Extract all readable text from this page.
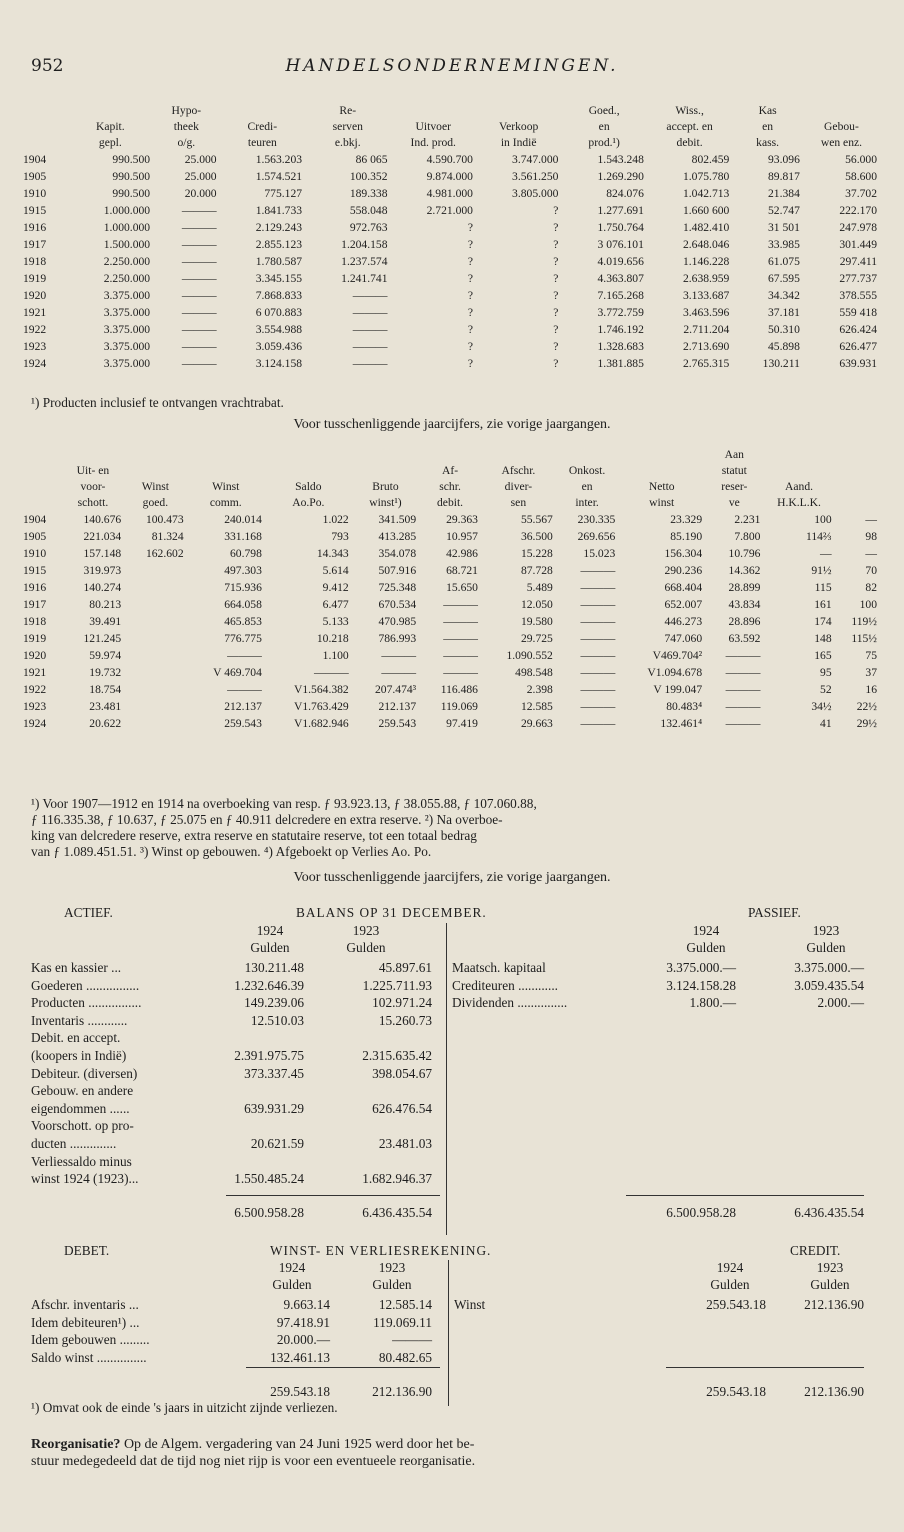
952	HANDELSONDERNEMINGEN.
		Hypo-		Re-			Goed.,	Wiss.,	Kas	
	Kapit.	theek	Credi-	serven	Uitvoer	Verkoop	en	accept. en	en	Gebou-
	gepl.	o/g.	teuren	e.bkj.	Ind. prod.	in Indië	prod.¹)	debit.	kass.	wen enz.
1904	990.500	25.000	1.563.203	86 065	4.590.700	3.747.000	1.543.248	802.459	93.096	56.000
1905	990.500	25.000	1.574.521	100.352	9.874.000	3.561.250	1.269.290	1.075.780	89.817	58.600
1910	990.500	20.000	775.127	189.338	4.981.000	3.805.000	824.076	1.042.713	21.384	37.702
1915	1.000.000	———	1.841.733	558.048	2.721.000	?	1.277.691	1.660 600	52.747	222.170
1916	1.000.000	———	2.129.243	972.763	?	?	1.750.764	1.482.410	31 501	247.978
1917	1.500.000	———	2.855.123	1.204.158	?	?	3 076.101	2.648.046	33.985	301.449
1918	2.250.000	———	1.780.587	1.237.574	?	?	4.019.656	1.146.228	61.075	297.411
1919	2.250.000	———	3.345.155	1.241.741	?	?	4.363.807	2.638.959	67.595	277.737
1920	3.375.000	———	7.868.833	———	?	?	7.165.268	3.133.687	34.342	378.555
1921	3.375.000	———	6 070.883	———	?	?	3.772.759	3.463.596	37.181	559 418
1922	3.375.000	———	3.554.988	———	?	?	1.746.192	2.711.204	50.310	626.424
1923	3.375.000	———	3.059.436	———	?	?	1.328.683	2.713.690	45.898	626.477
1924	3.375.000	———	3.124.158	———	?	?	1.381.885	2.765.315	130.211	639.931
¹) Producten inclusief te ontvangen vrachtrabat.
Voor tusschenliggende jaarcijfers, zie vorige jaargangen.
										Aan		
	Uit- en					Af-	Afschr.	Onkost.		statut		
	voor-	Winst	Winst	Saldo	Bruto	schr.	diver-	en	Netto	reser-	Aand.	
	schott.	goed.	comm.	Ao.Po.	winst¹)	debit.	sen	inter.	winst	ve	H.K.L.K.	
1904	140.676	100.473	240.014	1.022	341.509	29.363	55.567	230.335	23.329	2.231	100	—
1905	221.034	81.324	331.168	793	413.285	10.957	36.500	269.656	85.190	7.800	114⅔	98
1910	157.148	162.602	60.798	14.343	354.078	42.986	15.228	15.023	156.304	10.796	—	—
1915	319.973		497.303	5.614	507.916	68.721	87.728	———	290.236	14.362	91½	70
1916	140.274		715.936	9.412	725.348	15.650	5.489	———	668.404	28.899	115	82
1917	80.213		664.058	6.477	670.534	———	12.050	———	652.007	43.834	161	100
1918	39.491		465.853	5.133	470.985	———	19.580	———	446.273	28.896	174	119½
1919	121.245		776.775	10.218	786.993	———	29.725	———	747.060	63.592	148	115½
1920	59.974		———	1.100	———	———	1.090.552	———	V469.704²	———	165	75
1921	19.732		V 469.704	———	———	———	498.548	———	V1.094.678	———	95	37
1922	18.754		———	V1.564.382	207.474³	116.486	2.398	———	V 199.047	———	52	16
1923	23.481		212.137	V1.763.429	212.137	119.069	12.585	———	80.483⁴	———	34½	22½
1924	20.622		259.543	V1.682.946	259.543	97.419	29.663	———	132.461⁴	———	41	29½
¹) Voor 1907—1912 en 1914 na overboeking van resp. ƒ 93.923.13, ƒ 38.055.88, ƒ 107.060.88,
ƒ 116.335.38, ƒ 10.637, ƒ 25.075 en ƒ 40.911 delcredere en extra reserve. ²) Na overboe-
king van delcredere reserve, extra reserve en statutaire reserve, tot een totaal bedrag
van ƒ 1.089.451.51. ³) Winst op gebouwen. ⁴) Afgeboekt op Verlies Ao. Po.
Voor tusschenliggende jaarcijfers, zie vorige jaargangen.
ACTIEF.	BALANS OP 31 DECEMBER.	PASSIEF.
1924	1923
Gulden	Gulden
1924	1923
Gulden	Gulden
Kas en kassier ...	130.211.48	45.897.61
Goederen ................	1.232.646.39	1.225.711.93
Producten ................	149.239.06	102.971.24
Inventaris ............	12.510.03	15.260.73
Debit. en accept.
(koopers in Indië)	2.391.975.75	2.315.635.42
Debiteur. (diversen)	373.337.45	398.054.67
Gebouw. en andere
eigendommen ......	639.931.29	626.476.54
Voorschott. op pro-
ducten ..............	20.621.59	23.481.03
Verliessaldo minus
winst 1924 (1923)...	1.550.485.24	1.682.946.37
Maatsch. kapitaal	3.375.000.—	3.375.000.—
Crediteuren ............	3.124.158.28	3.059.435.54
Dividenden ...............	1.800.—	2.000.—
6.500.958.28	6.436.435.54	6.500.958.28	6.436.435.54
DEBET.	WINST- EN VERLIESREKENING.	CREDIT.
1924	1923
Gulden	Gulden
1924	1923
Gulden	Gulden
Afschr. inventaris ...	9.663.14	12.585.14
Idem debiteuren¹) ...	97.418.91	119.069.11
Idem gebouwen .........	20.000.—	———
Saldo winst ...............	132.461.13	80.482.65
Winst	259.543.18	212.136.90
259.543.18	212.136.90	259.543.18	212.136.90
¹) Omvat ook de einde 's jaars in uitzicht zijnde verliezen.
Reorganisatie? Op de Algem. vergadering van 24 Juni 1925 werd door het be-
stuur medegedeeld dat de tijd nog niet rijp is voor een eventueele reorganisatie.
